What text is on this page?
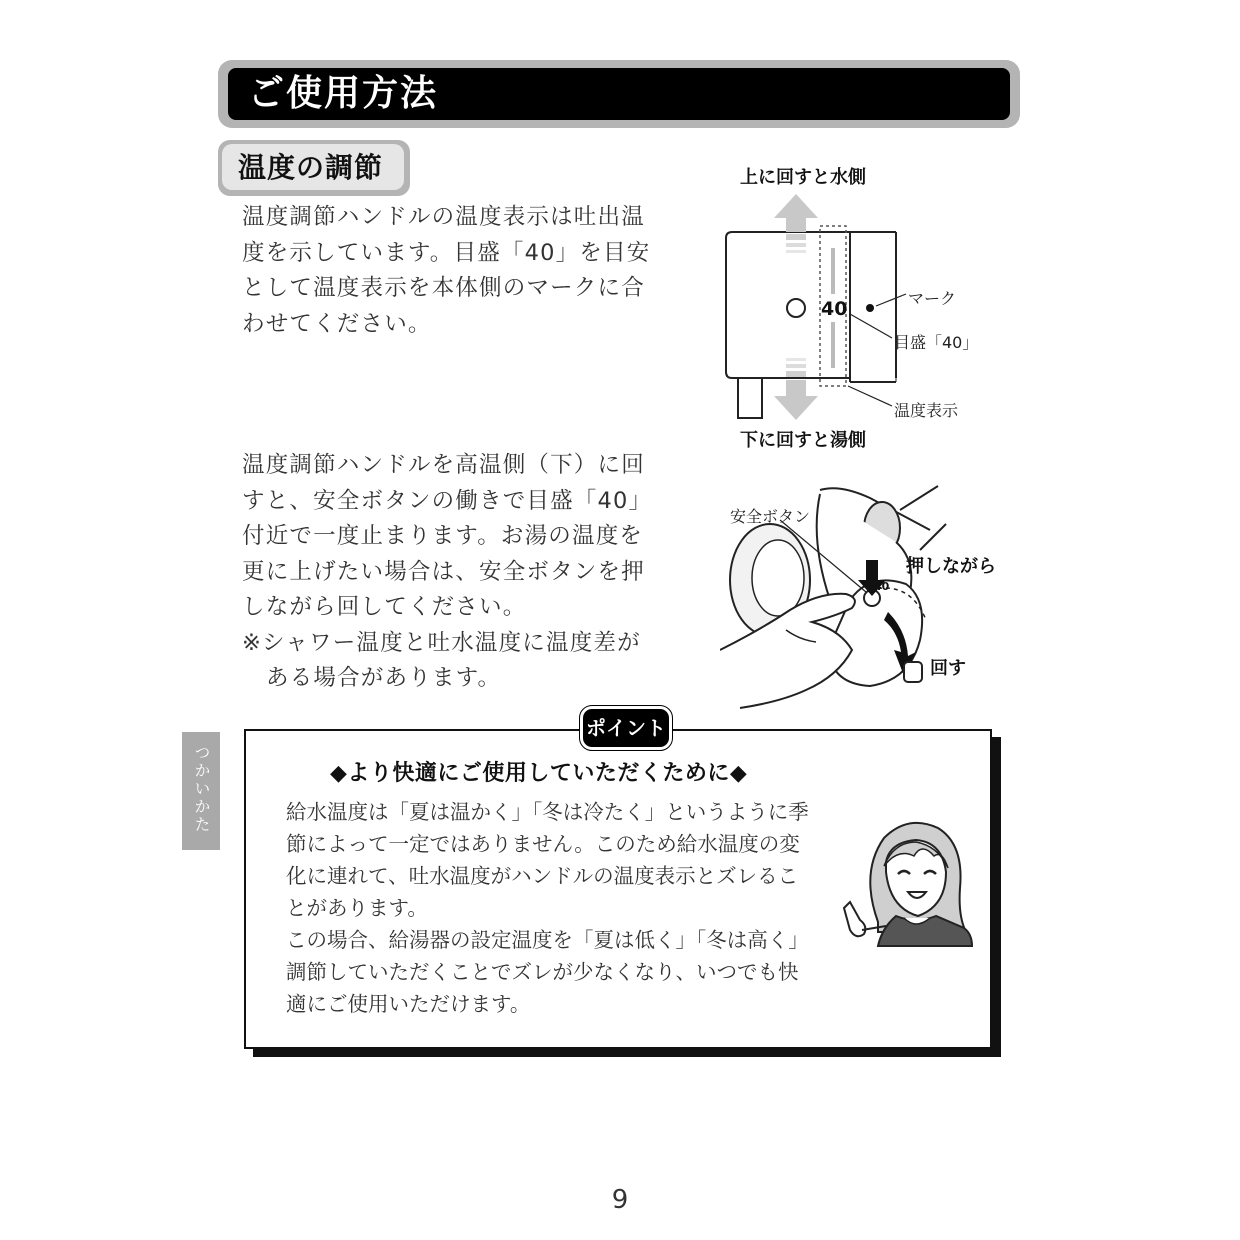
ご使用方法
温度の調節
温度調節ハンドルの温度表示は吐出温
度を示しています。目盛「40」を目安
として温度表示を本体側のマークに合
わせてください。
上に回すと水側
下に回すと湯側
40	マーク
目盛「40」
温度表示
温度調節ハンドルを高温側（下）に回
すと、安全ボタンの働きで目盛「40」
付近で一度止まります。お湯の温度を
更に上げたい場合は、安全ボタンを押
しながら回してください。
※シャワー温度と吐水温度に温度差が
ある場合があります。
40
安全ボタン
押しながら
回す
つかいかた
ポイント
◆より快適にご使用していただくために◆
給水温度は「夏は温かく」「冬は冷たく」というように季
節によって一定ではありません。このため給水温度の変
化に連れて、吐水温度がハンドルの温度表示とズレるこ
とがあります。
この場合、給湯器の設定温度を「夏は低く」「冬は高く」
調節していただくことでズレが少なくなり、いつでも快
適にご使用いただけます。
9
